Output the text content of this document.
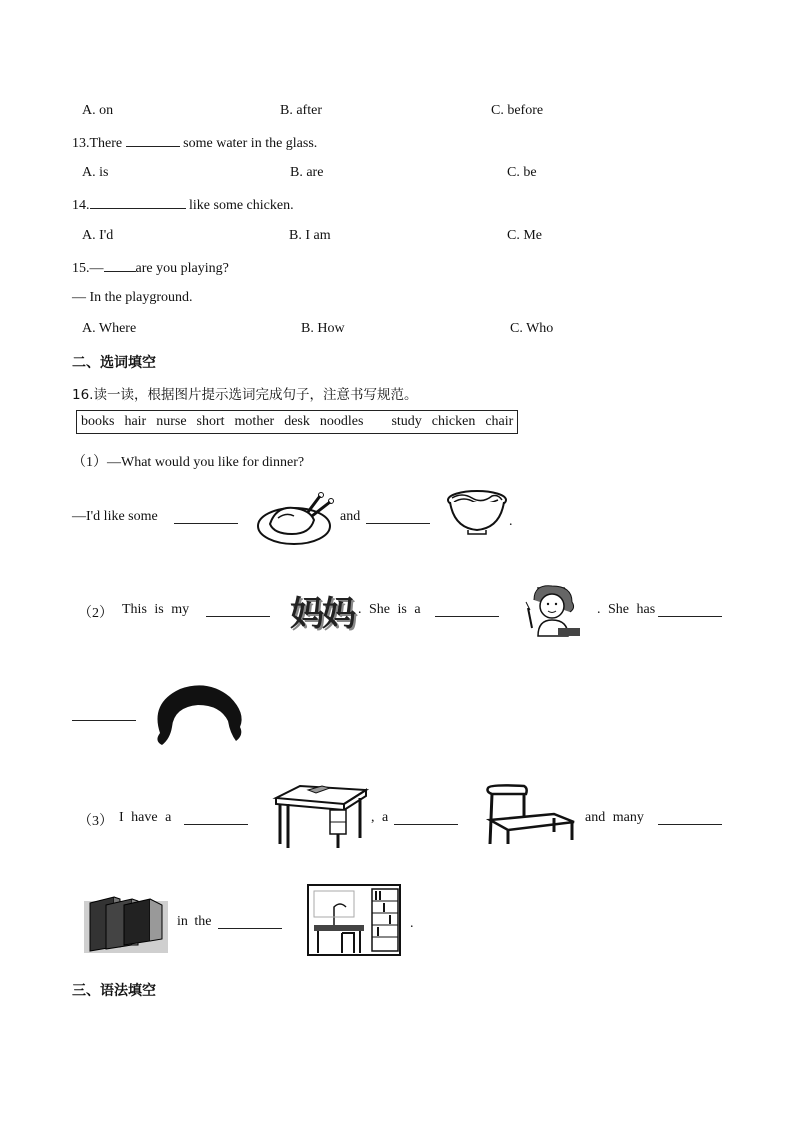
A. on	B. after	C. before
13.There	some water in the glass.
A. is	B. are	C. be
14.	like some chicken.
A. I'd	B. I am	C. Me
15.— are you playing?
— In the playground.
A. Where	B. How	C. Who
二、选词填空
16.读一读，根据图片提示选词完成句子，注意书写规范。
books hair nurse short mother desk noodles study chicken chair
（1）—What would you like for dinner?
—I'd like some	and	.
（2） This is my	妈妈 . She is a	. She has
（3） I have a	, a	and many
in the	.
三、语法填空
